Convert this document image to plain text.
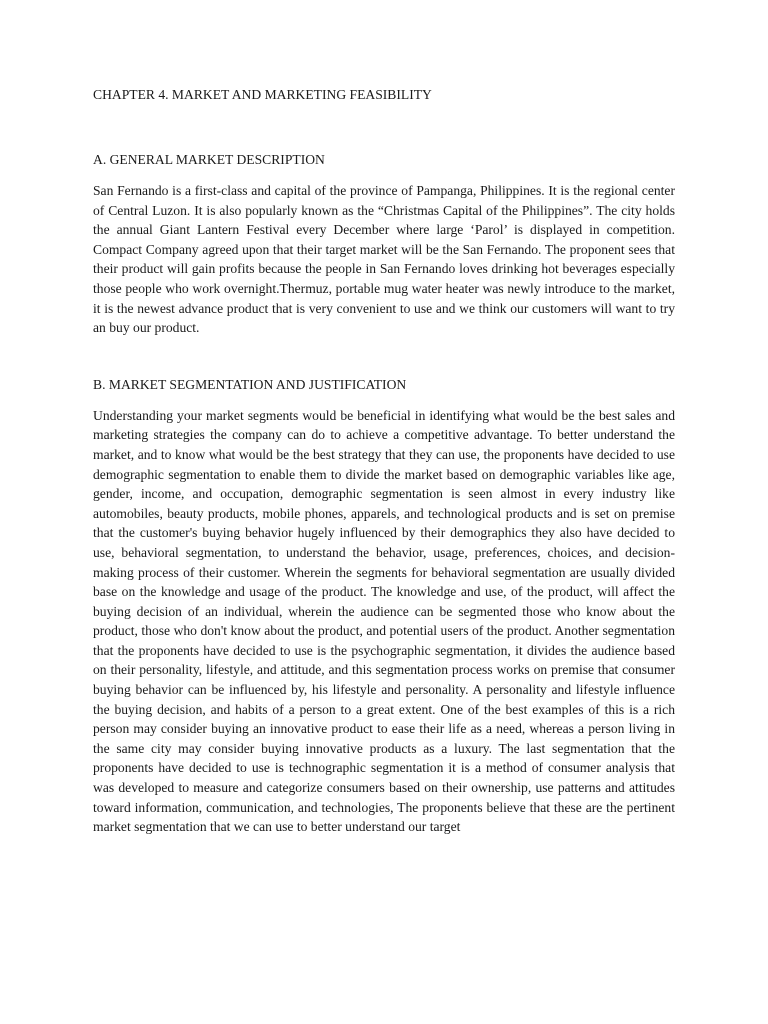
CHAPTER 4. MARKET AND MARKETING FEASIBILITY
A. GENERAL MARKET DESCRIPTION

San Fernando is a first-class and capital of the province of Pampanga, Philippines. It is the regional center of Central Luzon. It is also popularly known as the “Christmas Capital of the Philippines”. The city holds the annual Giant Lantern Festival every December where large ‘Parol’ is displayed in competition. Compact Company agreed upon that their target market will be the San Fernando. The proponent sees that their product will gain profits because the people in San Fernando loves drinking hot beverages especially those people who work overnight.Thermuz, portable mug water heater was newly introduce to the market, it is the newest advance product that is very convenient to use and we think our customers will want to try an buy our product.

B. MARKET SEGMENTATION AND JUSTIFICATION

Understanding your market segments would be beneficial in identifying what would be the best sales and marketing strategies the company can do to achieve a competitive advantage. To better understand the market, and to know what would be the best strategy that they can use, the proponents have decided to use demographic segmentation to enable them to divide the market based on demographic variables like age, gender, income, and occupation, demographic segmentation is seen almost in every industry like automobiles, beauty products, mobile phones, apparels, and technological products and is set on premise that the customer's buying behavior hugely influenced by their demographics they also have decided to use, behavioral segmentation, to understand the behavior, usage, preferences, choices, and decision-making process of their customer. Wherein the segments for behavioral segmentation are usually divided base on the knowledge and usage of the product. The knowledge and use, of the product, will affect the buying decision of an individual, wherein the audience can be segmented those who know about the product, those who don't know about the product, and potential users of the product. Another segmentation that the proponents have decided to use is the psychographic segmentation, it divides the audience based on their personality, lifestyle, and attitude, and this segmentation process works on premise that consumer buying behavior can be influenced by, his lifestyle and personality. A personality and lifestyle influence the buying decision, and habits of a person to a great extent. One of the best examples of this is a rich person may consider buying an innovative product to ease their life as a need, whereas a person living in the same city may consider buying innovative products as a luxury. The last segmentation that the proponents have decided to use is technographic segmentation it is a method of consumer analysis that was developed to measure and categorize consumers based on their ownership, use patterns and attitudes toward information, communication, and technologies, The proponents believe that these are the pertinent market segmentation that we can use to better understand our target
